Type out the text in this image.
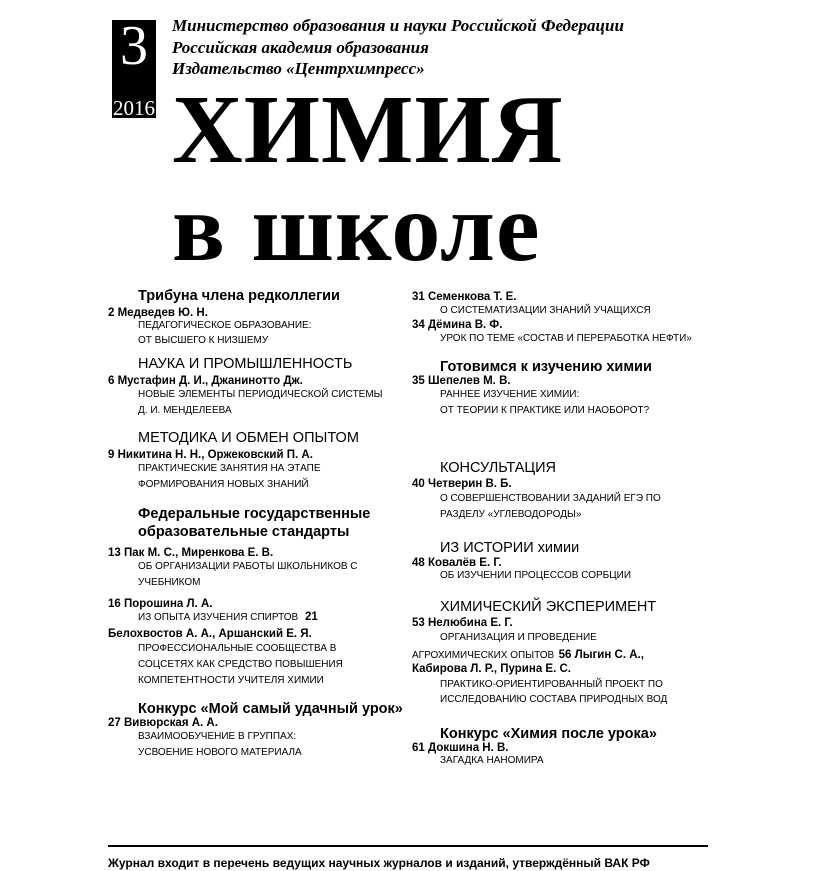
3
2016
Министерство образования и науки Российской Федерации
Российская академия образования
Издательство «Центрхимпресс»
ХИМИЯ
в школе
Трибуна члена редколлегии
2 Медведев Ю. Н.
ПЕДАГОГИЧЕСКОЕ ОБРАЗОВАНИЕ:
ОТ ВЫСШЕГО К НИЗШЕМУ
НАУКА И ПРОМЫШЛЕННОСТЬ
6 Мустафин Д. И., Джанинотто Дж.
НОВЫЕ ЭЛЕМЕНТЫ ПЕРИОДИЧЕСКОЙ СИСТЕМЫ
Д. И. МЕНДЕЛЕЕВА
МЕТОДИКА И ОБМЕН ОПЫТОМ
9 Никитина Н. Н., Оржековский П. А.
ПРАКТИЧЕСКИЕ ЗАНЯТИЯ НА ЭТАПЕ
ФОРМИРОВАНИЯ НОВЫХ ЗНАНИЙ
Федеральные государственные
образовательные стандарты
13 Пак М. С., Миренкова Е. В.
ОБ ОРГАНИЗАЦИИ РАБОТЫ ШКОЛЬНИКОВ С
УЧЕБНИКОМ
16 Порошина Л. А.
ИЗ ОПЫТА ИЗУЧЕНИЯ СПИРТОВ 21
Белохвостов А. А., Аршанский Е. Я.
ПРОФЕССИОНАЛЬНЫЕ СООБЩЕСТВА В
СОЦСЕТЯХ КАК СРЕДСТВО ПОВЫШЕНИЯ
КОМПЕТЕНТНОСТИ УЧИТЕЛЯ ХИМИИ
Конкурс «Мой самый удачный урок»
27 Вивюрская А. А.
ВЗАИМООБУЧЕНИЕ В ГРУППАХ:
УСВОЕНИЕ НОВОГО МАТЕРИАЛА
31 Семенкова Т. Е.
О СИСТЕМАТИЗАЦИИ ЗНАНИЙ УЧАЩИХСЯ
34 Дёмина В. Ф.
УРОК ПО ТЕМЕ «СОСТАВ И ПЕРЕРАБОТКА НЕФТИ»
Готовимся к изучению химии
35 Шепелев М. В.
РАННЕЕ ИЗУЧЕНИЕ ХИМИИ:
ОТ ТЕОРИИ К ПРАКТИКЕ ИЛИ НАОБОРОТ?
КОНСУЛЬТАЦИЯ
40 Четверин В. Б.
О СОВЕРШЕНСТВОВАНИИ ЗАДАНИЙ ЕГЭ ПО
РАЗДЕЛУ «УГЛЕВОДОРОДЫ»
ИЗ ИСТОРИИ химии
48 Ковалёв Е. Г.
ОБ ИЗУЧЕНИИ ПРОЦЕССОВ СОРБЦИИ
ХИМИЧЕСКИЙ ЭКСПЕРИМЕНТ
53 Нелюбина Е. Г.
ОРГАНИЗАЦИЯ И ПРОВЕДЕНИЕ
АГРОХИМИЧЕСКИХ ОПЫТОВ 56 Лыгин С. А.,
Кабирова Л. Р., Пурина Е. С.
ПРАКТИКО-ОРИЕНТИРОВАННЫЙ ПРОЕКТ ПО
ИССЛЕДОВАНИЮ СОСТАВА ПРИРОДНЫХ ВОД
Конкурс «Химия после урока»
61 Докшина Н. В.
ЗАГАДКА НАНОМИРА
Журнал входит в перечень ведущих научных журналов и изданий, утверждённый ВАК РФ
